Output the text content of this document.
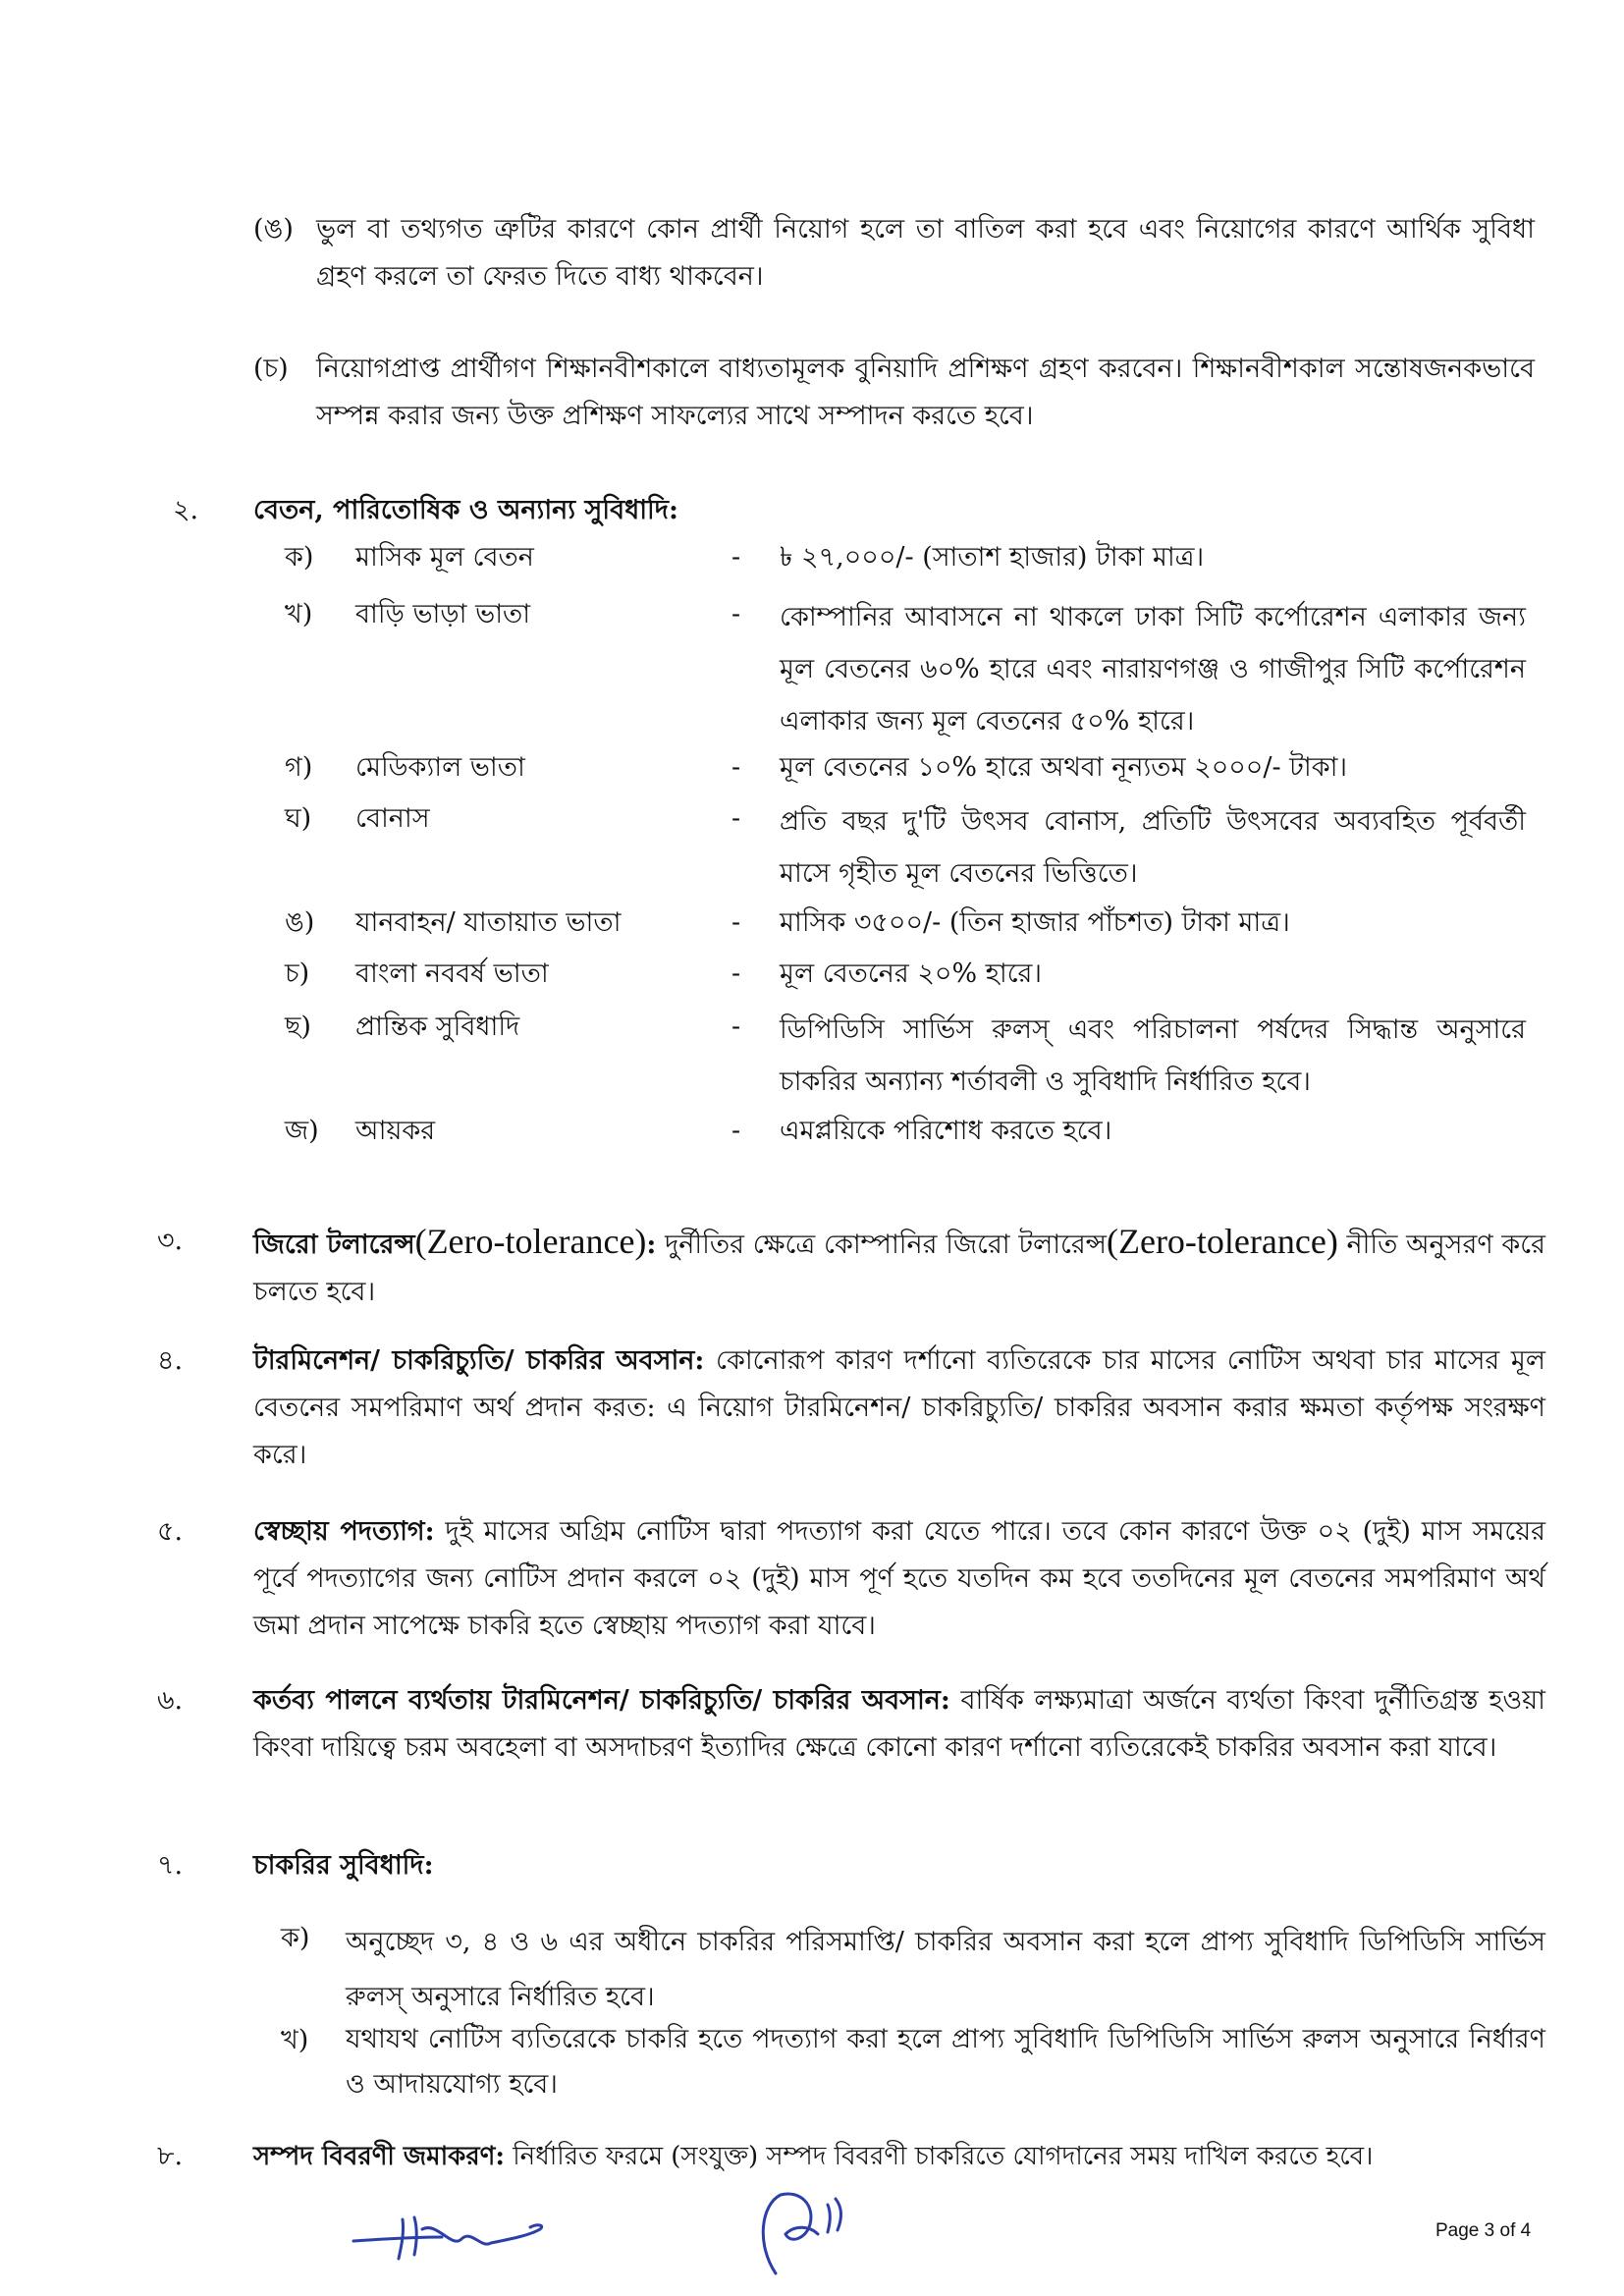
(ঙ) ভুল বা তথ্যগত ত্রুটির কারণে কোন প্রার্থী নিয়োগ হলে তা বাতিল করা হবে এবং নিয়োগের কারণে আর্থিক সুবিধা গ্রহণ করলে তা ফেরত দিতে বাধ্য থাকবেন।
(চ) নিয়োগপ্রাপ্ত প্রার্থীগণ শিক্ষানবীশকালে বাধ্যতামূলক বুনিয়াদি প্রশিক্ষণ গ্রহণ করবেন। শিক্ষানবীশকাল সন্তোষজনকভাবে সম্পন্ন করার জন্য উক্ত প্রশিক্ষণ সাফল্যের সাথে সম্পাদন করতে হবে।
২. বেতন, পারিতোষিক ও অন্যান্য সুবিধাদি:
ক) মাসিক মূল বেতন	- ৳ ২৭,০০০/- (সাতাশ হাজার) টাকা মাত্র।
খ) বাড়ি ভাড়া ভাতা	- কোম্পানির আবাসনে না থাকলে ঢাকা সিটি কর্পোরেশন এলাকার জন্য মূল বেতনের ৬০% হারে এবং নারায়ণগঞ্জ ও গাজীপুর সিটি কর্পোরেশন এলাকার জন্য মূল বেতনের ৫০% হারে।
গ) মেডিক্যাল ভাতা	- মূল বেতনের ১০% হারে অথবা নূন্যতম ২০০০/- টাকা।
ঘ) বোনাস	- প্রতি বছর দু'টি উৎসব বোনাস, প্রতিটি উৎসবের অব্যবহিত পূর্ববর্তী মাসে গৃহীত মূল বেতনের ভিত্তিতে।
ঙ) যানবাহন/ যাতায়াত ভাতা	- মাসিক ৩৫০০/- (তিন হাজার পাঁচশত) টাকা মাত্র।
চ) বাংলা নববর্ষ ভাতা	- মূল বেতনের ২০% হারে।
ছ) প্রান্তিক সুবিধাদি	- ডিপিডিসি সার্ভিস রুলস্ এবং পরিচালনা পর্ষদের সিদ্ধান্ত অনুসারে চাকরির অন্যান্য শর্তাবলী ও সুবিধাদি নির্ধারিত হবে।
জ) আয়কর	- এমপ্লয়িকে পরিশোধ করতে হবে।
৩.	জিরো টলারেন্স(Zero-tolerance): দুর্নীতির ক্ষেত্রে কোম্পানির জিরো টলারেন্স(Zero-tolerance) নীতি অনুসরণ করে চলতে হবে।
৪.	টারমিনেশন/ চাকরিচ্যুতি/ চাকরির অবসান: কোনোরূপ কারণ দর্শানো ব্যতিরেকে চার মাসের নোটিস অথবা চার মাসের মূল বেতনের সমপরিমাণ অর্থ প্রদান করত: এ নিয়োগ টারমিনেশন/ চাকরিচ্যুতি/ চাকরির অবসান করার ক্ষমতা কর্তৃপক্ষ সংরক্ষণ করে।
৫.	স্বেচ্ছায় পদত্যাগ: দুই মাসের অগ্রিম নোটিস দ্বারা পদত্যাগ করা যেতে পারে। তবে কোন কারণে উক্ত ০২ (দুই) মাস সময়ের পূর্বে পদত্যাগের জন্য নোটিস প্রদান করলে ০২ (দুই) মাস পূর্ণ হতে যতদিন কম হবে ততদিনের মূল বেতনের সমপরিমাণ অর্থ জমা প্রদান সাপেক্ষে চাকরি হতে স্বেচ্ছায় পদত্যাগ করা যাবে।
৬.	কর্তব্য পালনে ব্যর্থতায় টারমিনেশন/ চাকরিচ্যুতি/ চাকরির অবসান: বার্ষিক লক্ষ্যমাত্রা অর্জনে ব্যর্থতা কিংবা দুর্নীতিগ্রস্ত হওয়া কিংবা দায়িত্বে চরম অবহেলা বা অসদাচরণ ইত্যাদির ক্ষেত্রে কোনো কারণ দর্শানো ব্যতিরেকেই চাকরির অবসান করা যাবে।
৭.	চাকরির সুবিধাদি:
ক) অনুচ্ছেদ ৩, ৪ ও ৬ এর অধীনে চাকরির পরিসমাপ্তি/ চাকরির অবসান করা হলে প্রাপ্য সুবিধাদি ডিপিডিসি সার্ভিস রুলস্ অনুসারে নির্ধারিত হবে।
খ) যথাযথ নোটিস ব্যতিরেকে চাকরি হতে পদত্যাগ করা হলে প্রাপ্য সুবিধাদি ডিপিডিসি সার্ভিস রুলস অনুসারে নির্ধারণ ও আদায়যোগ্য হবে।
৮.	সম্পদ বিবরণী জমাকরণ: নির্ধারিত ফরমে (সংযুক্ত) সম্পদ বিবরণী চাকরিতে যোগদানের সময় দাখিল করতে হবে।
Page 3 of 4
